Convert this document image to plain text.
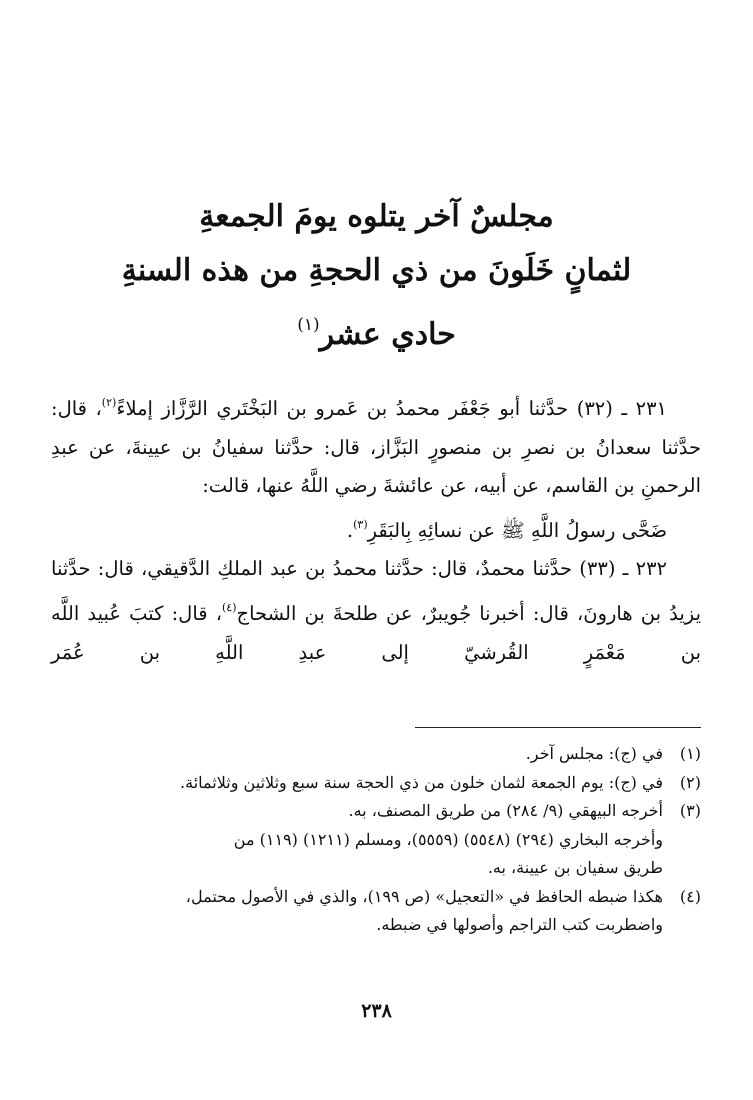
مجلسٌ آخر يتلوه يومَ الجمعةِ
لثمانٍ خَلَونَ من ذي الحجةِ من هذه السنةِ
حادي عشر$^{(١)}$

٢٣١ ـ (٣٢) حدَّثنا أبو جَعْفَر محمدُ بن عَمرو بن البَخْتَري الرَّزَّاز إملاءً$^{(٢)}$، قال: حدَّثنا سعدانُ بن نصرِ بن منصورٍ البَزَّاز، قال: حدَّثنا سفيانُ بن عيينةَ، عن عبدِ الرحمنِ بن القاسم، عن أبيه، عن عائشةَ رضي اللَّهُ عنها، قالت:

ضَحَّى رسولُ اللَّهِ ﷺ عن نسائِهِ بِالبَقَرِ$^{(٣)}$.

٢٣٢ ـ (٣٣) حدَّثنا محمدٌ، قال: حدَّثنا محمدُ بن عبد الملكِ الدَّقيقي، قال: حدَّثنا يزيدُ بن هارونَ، قال: أخبرنا جُويبرٌ، عن طلحةَ بن الشحاج$^{(٤)}$، قال: كتبَ عُبيد اللَّه بن مَعْمَرٍ القُرشيّ إلى عبدِ اللَّهِ بن عُمَر

(١)
في (ج): مجلس آخر.
(٢)
في (ج): يوم الجمعة لثمان خلون من ذي الحجة سنة سبع وثلاثين وثلاثمائة.
(٣)
أخرجه البيهقي (٩/ ٢٨٤) من طريق المصنف، به.
وأخرجه البخاري (٢٩٤) (٥٥٤٨) (٥٥٥٩)، ومسلم (١٢١١) (١١٩) من
طريق سفيان بن عيينة، به.
(٤)
هكذا ضبطه الحافظ في «التعجيل» (ص ١٩٩)، والذي في الأصول محتمل،
واضطربت كتب التراجم وأصولها في ضبطه.
٢٣٨
